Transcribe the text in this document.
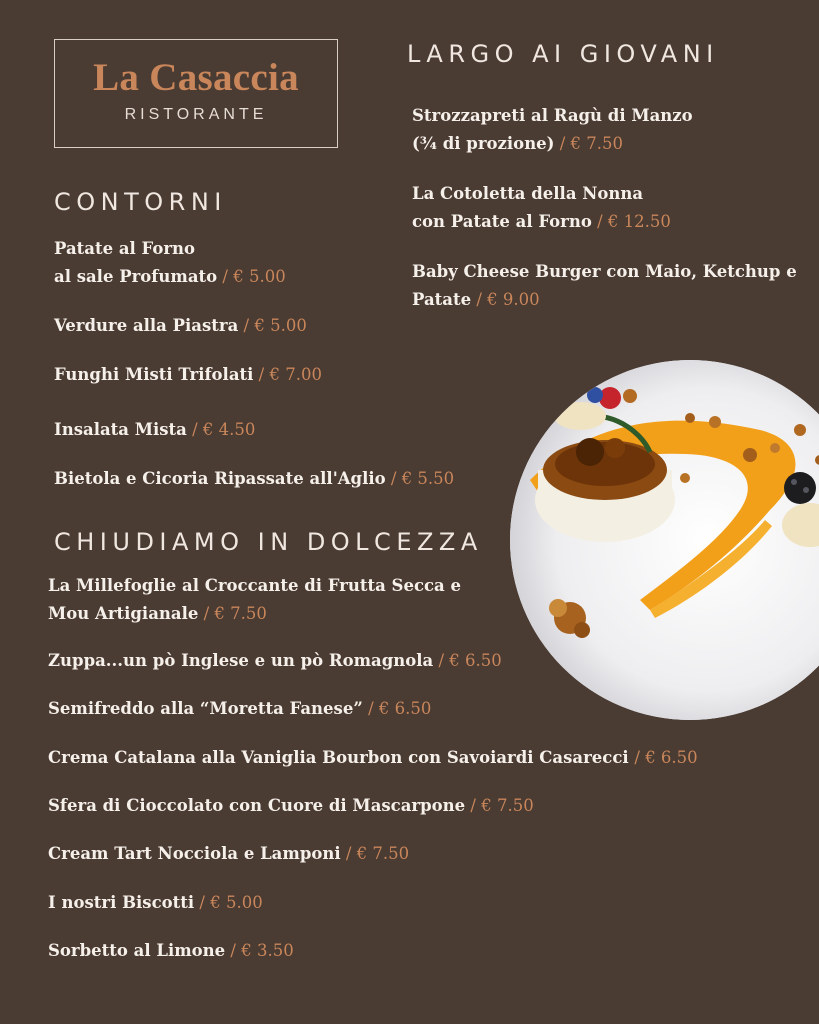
La Casaccia
RISTORANTE
LARGO AI GIOVANI
Strozzapreti al Ragù di Manzo
(¾ di prozione) / € 7.50
La Cotoletta della Nonna
con Patate al Forno / € 12.50
Baby Cheese Burger con Maio, Ketchup e
Patate / € 9.00
CONTORNI
Patate al Forno
al sale Profumato / € 5.00
Verdure alla Piastra / € 5.00
Funghi Misti Trifolati / € 7.00
Insalata Mista / € 4.50
Bietola e Cicoria Ripassate all'Aglio / € 5.50
CHIUDIAMO IN DOLCEZZA
La Millefoglie al Croccante di Frutta Secca e
Mou Artigianale / € 7.50
Zuppa...un pò Inglese e un pò Romagnola / € 6.50
Semifreddo alla “Moretta Fanese” / € 6.50
Crema Catalana alla Vaniglia Bourbon con Savoiardi Casarecci / € 6.50
Sfera di Cioccolato con Cuore di Mascarpone / € 7.50
Cream Tart Nocciola e Lamponi / € 7.50
I nostri Biscotti / € 5.00
Sorbetto al Limone / € 3.50
